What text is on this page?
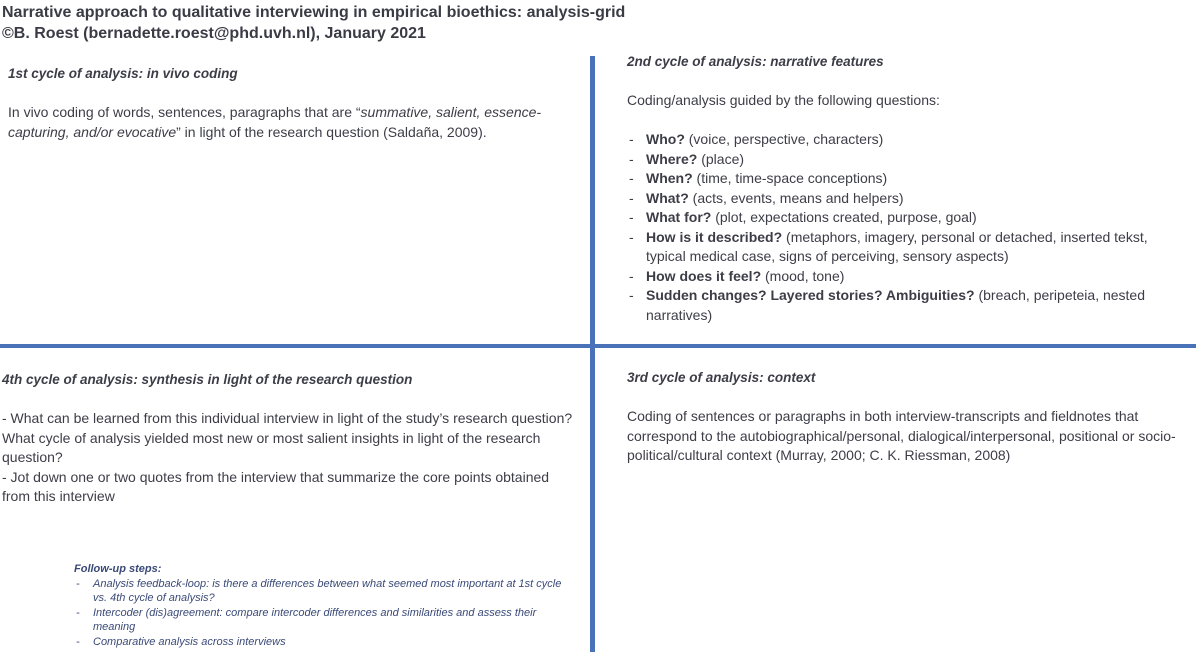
Narrative approach to qualitative interviewing in empirical bioethics: analysis-grid
©B. Roest (bernadette.roest@phd.uvh.nl), January 2021

1st cycle of analysis: in vivo coding

In vivo coding of words, sentences, paragraphs that are “summative, salient, essence-capturing, and/or evocative” in light of the research question (Saldaña, 2009).

2nd cycle of analysis: narrative features

Coding/analysis guided by the following questions:

- Who? (voice, perspective, characters)
- Where? (place)
- When? (time, time-space conceptions)
- What? (acts, events, means and helpers)
- What for? (plot, expectations created, purpose, goal)
- How is it described? (metaphors, imagery, personal or detached, inserted tekst, typical medical case, signs of perceiving, sensory aspects)
- How does it feel? (mood, tone)
- Sudden changes? Layered stories? Ambiguities? (breach, peripeteia, nested narratives)

3rd cycle of analysis: context

Coding of sentences or paragraphs in both interview-transcripts and fieldnotes that correspond to the autobiographical/personal, dialogical/interpersonal, positional or socio-political/cultural context (Murray, 2000; C. K. Riessman, 2008)

4th cycle of analysis: synthesis in light of the research question

- What can be learned from this individual interview in light of the study’s research question? What cycle of analysis yielded most new or most salient insights in light of the research question?

- Jot down one or two quotes from the interview that summarize the core points obtained from this interview

Follow-up steps:
- Analysis feedback-loop: is there a differences between what seemed most important at 1st cycle vs. 4th cycle of analysis?
- Intercoder (dis)agreement: compare intercoder differences and similarities and assess their meaning
- Comparative analysis across interviews
